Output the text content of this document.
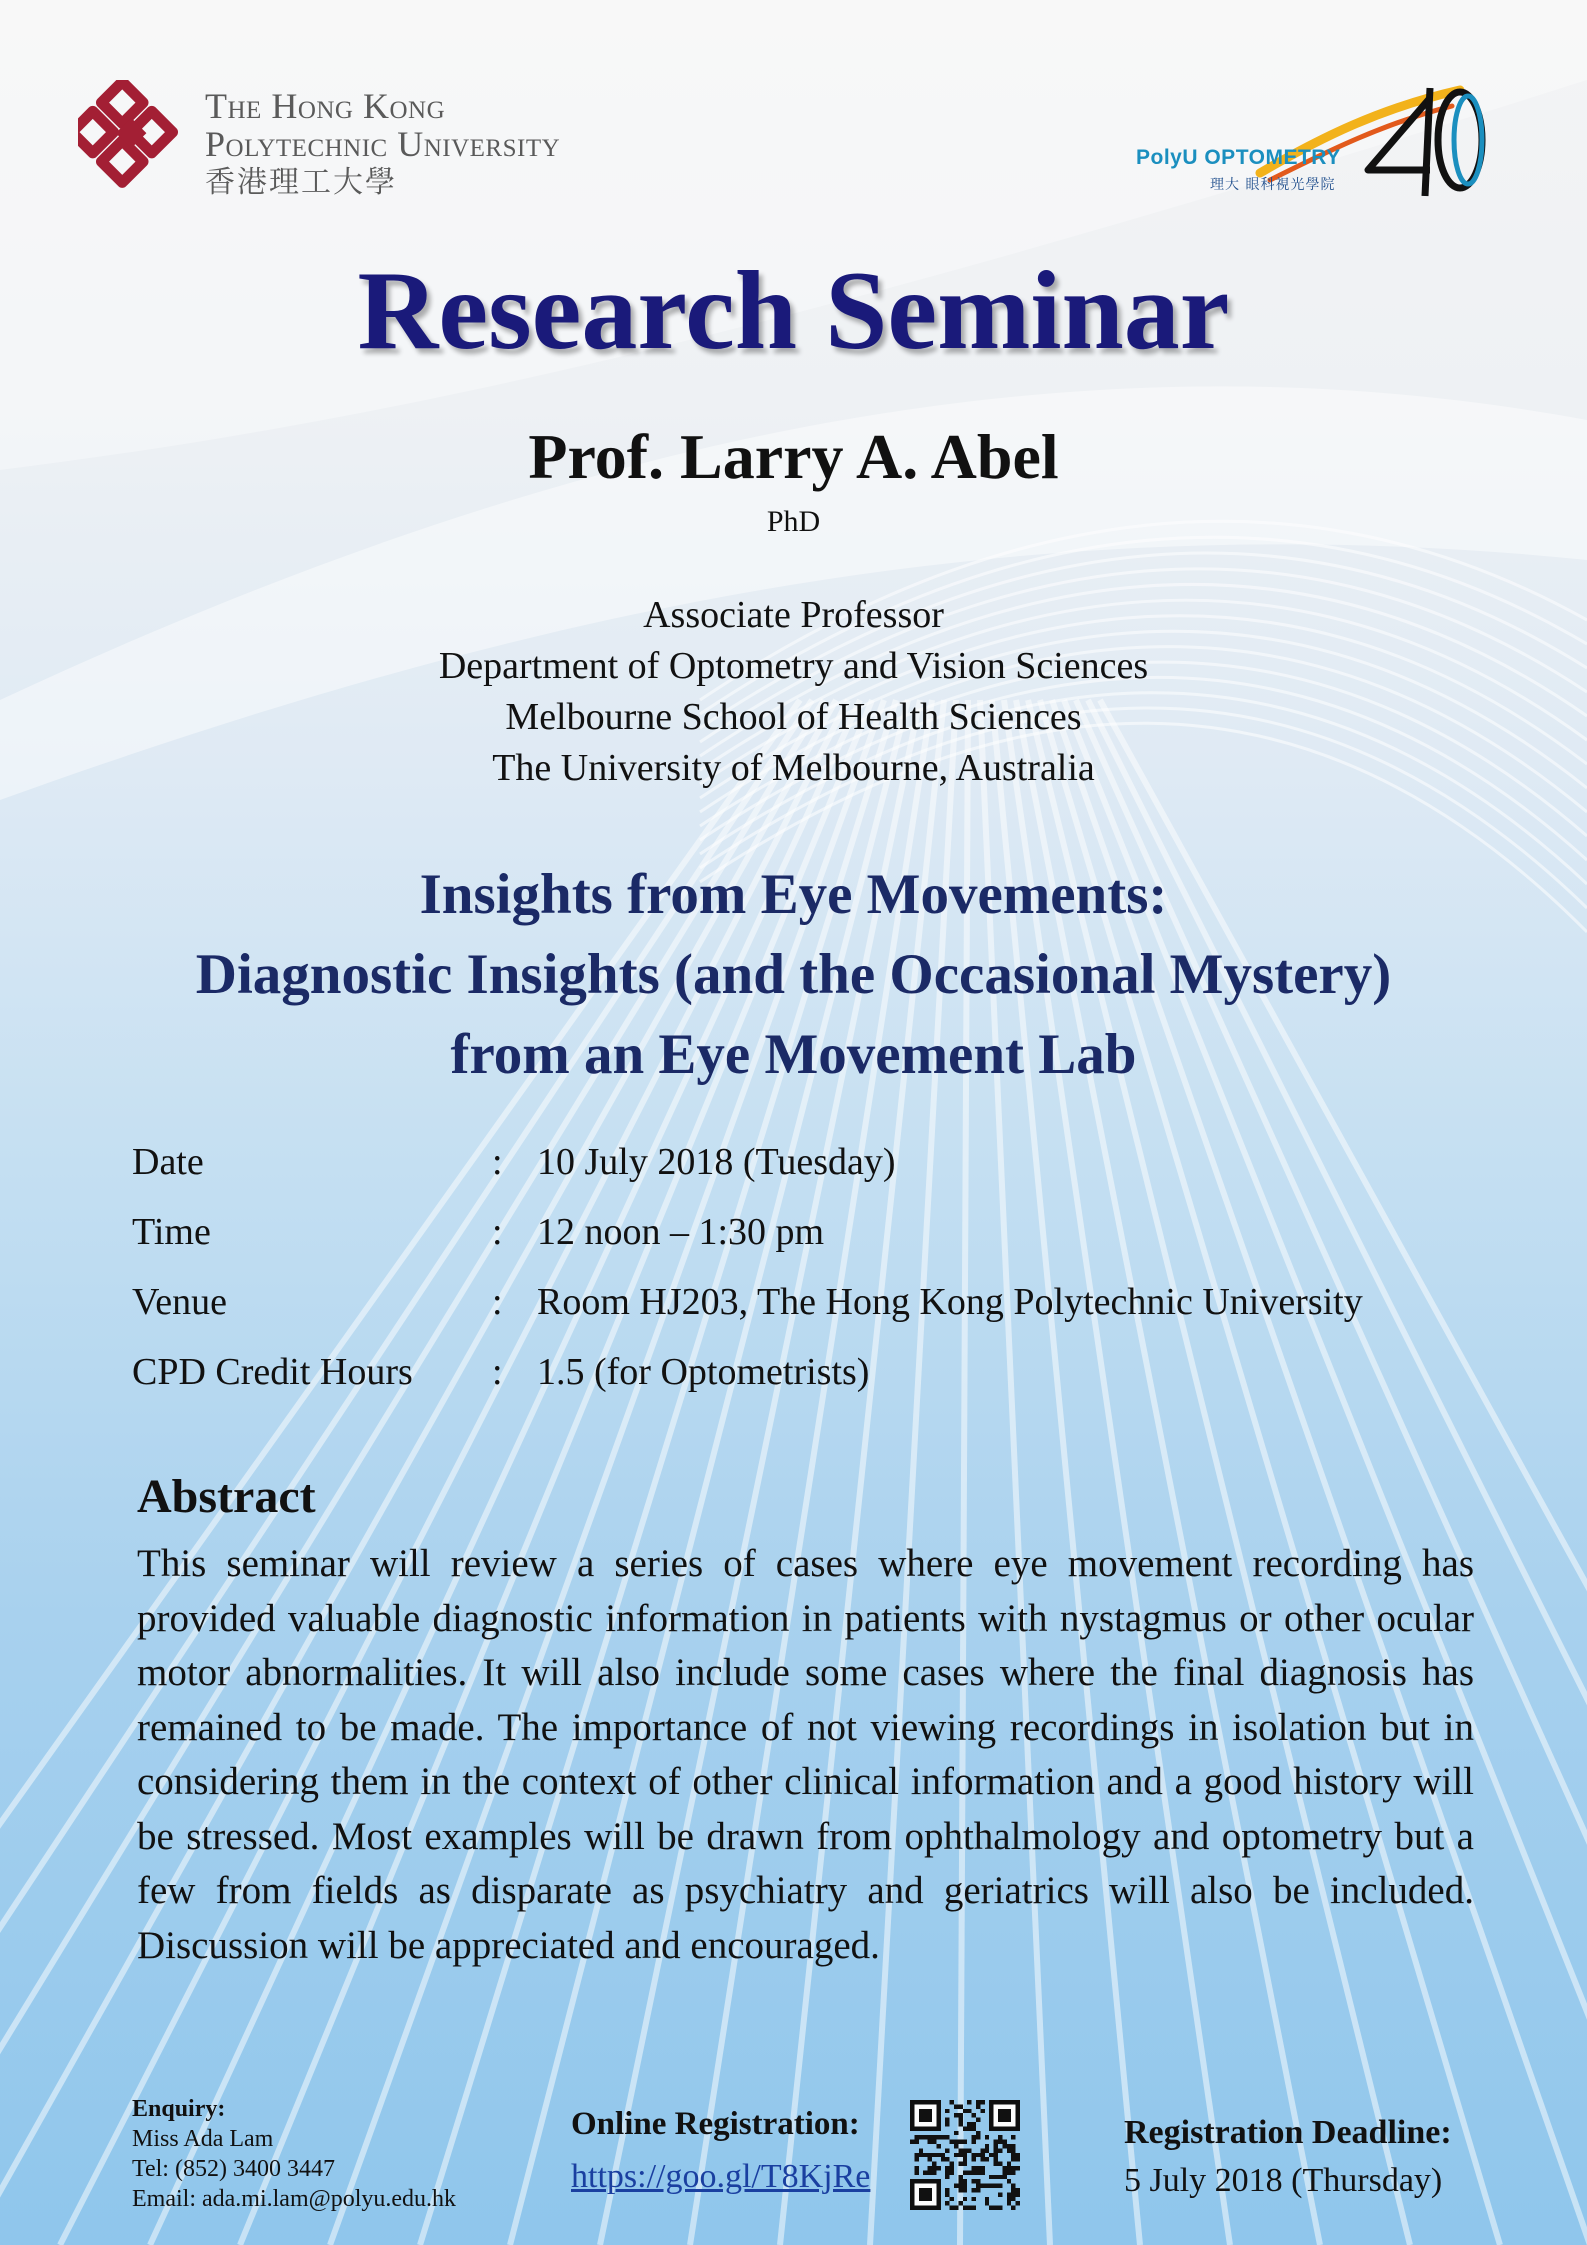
The Hong Kong
Polytechnic University
香港理工大學
PolyU OPTOMETRY
理大 眼科視光學院
Research Seminar
Prof. Larry A. Abel
PhD
Associate Professor
Department of Optometry and Vision Sciences
Melbourne School of Health Sciences
The University of Melbourne, Australia
Insights from Eye Movements:
Diagnostic Insights (and the Occasional Mystery)
from an Eye Movement Lab
Date	: 10 July 2018 (Tuesday)
Time	: 12 noon – 1:30 pm
Venue	: Room HJ203, The Hong Kong Polytechnic University
CPD Credit Hours : 1.5 (for Optometrists)
Abstract
This seminar will review a series of cases where eye movement recording has provided valuable diagnostic information in patients with nystagmus or other ocular motor abnormalities. It will also include some cases where the final diagnosis has remained to be made. The importance of not viewing recordings in isolation but in considering them in the context of other clinical information and a good history will be stressed. Most examples will be drawn from ophthalmology and optometry but a few from fields as disparate as psychiatry and geriatrics will also be included. Discussion will be appreciated and encouraged.
Enquiry:
Miss Ada Lam
Tel: (852) 3400 3447
Email: ada.mi.lam@polyu.edu.hk
Online Registration:
https://goo.gl/T8KjRe
Registration Deadline:
5 July 2018 (Thursday)
